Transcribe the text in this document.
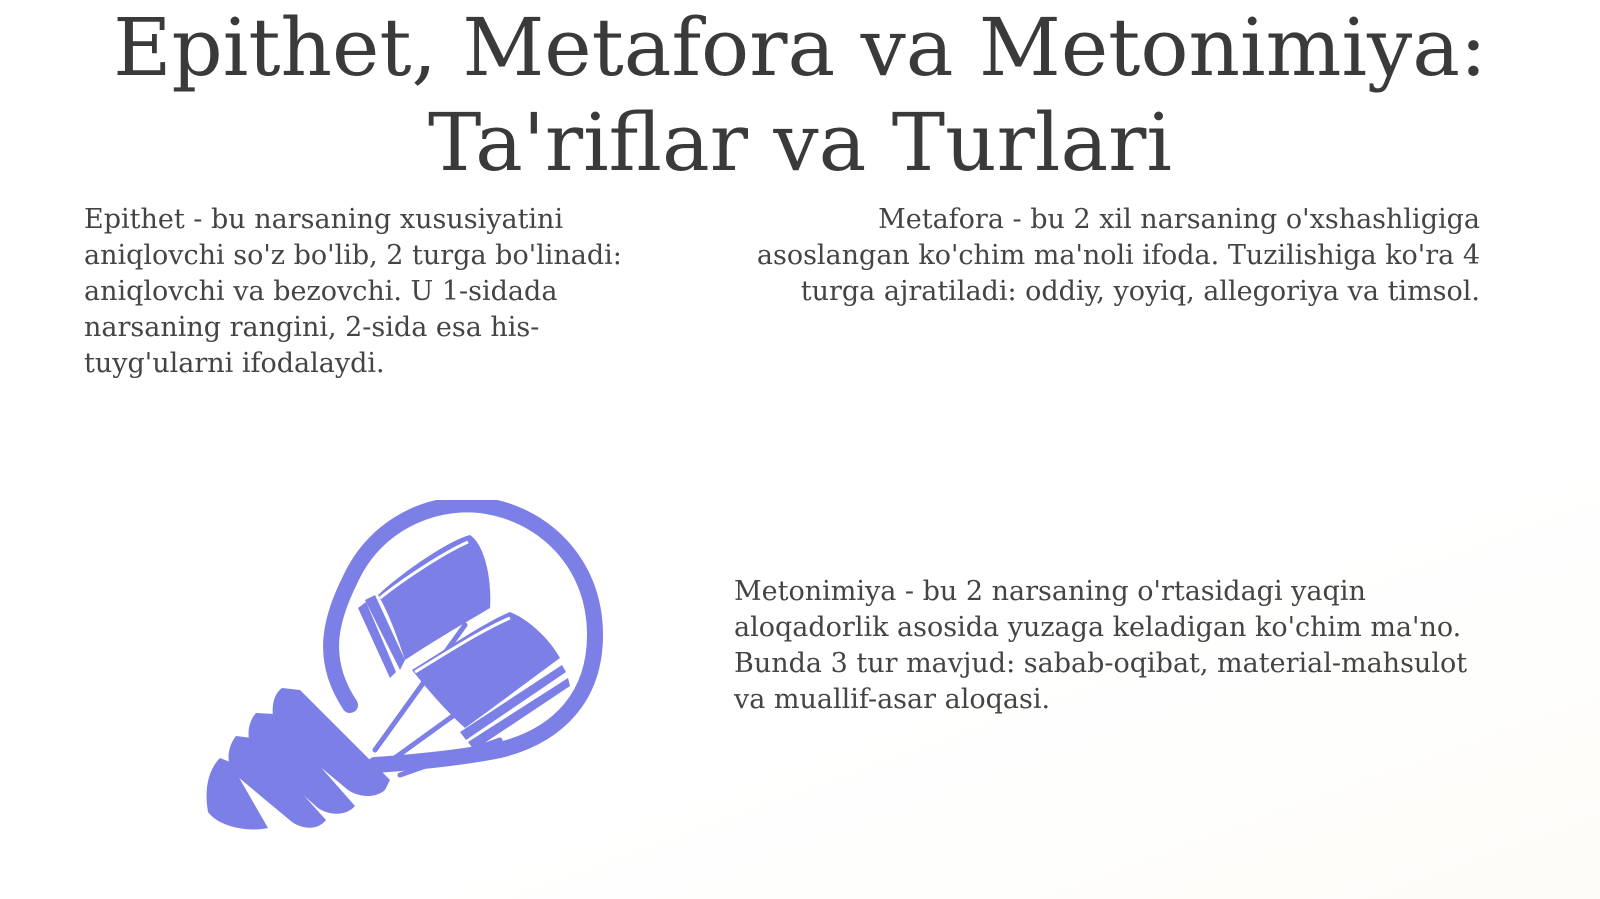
Epithet, Metafora va Metonimiya: Ta'riflar va Turlari

Epithet - bu narsaning xususiyatini aniqlovchi so'z bo'lib, 2 turga bo'linadi: aniqlovchi va bezovchi. U 1-sidada narsaning rangini, 2-sida esa his-tuyg'ularni ifodalaydi.

Metafora - bu 2 xil narsaning o'xshashligiga asoslangan ko'chim ma'noli ifoda. Tuzilishiga ko'ra 4 turga ajratiladi: oddiy, yoyiq, allegoriya va timsol.

Metonimiya - bu 2 narsaning o'rtasidagi yaqin aloqadorlik asosida yuzaga keladigan ko'chim ma'no. Bunda 3 tur mavjud: sabab-oqibat, material-mahsulot va muallif-asar aloqasi.
